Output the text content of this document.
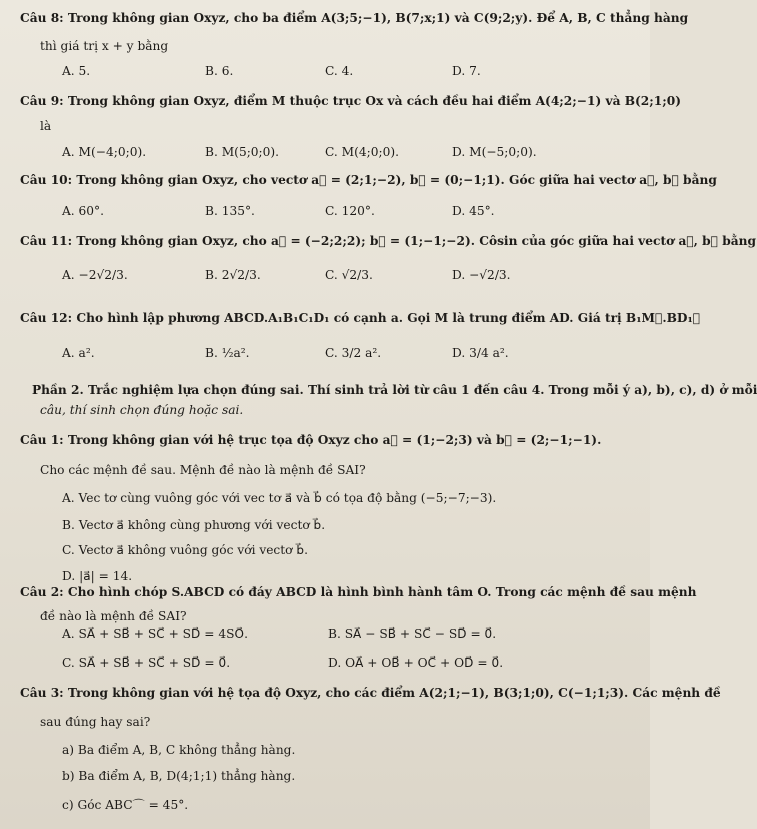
Câu 8: Trong không gian Oxyz, cho ba điểm A(3;5;−1), B(7;x;1) và C(9;2;y). Để A, B, C thẳng hàng
thì giá trị x + y bằng
A. 5.	B. 6.	C. 4.	D. 7.
Câu 9: Trong không gian Oxyz, điểm M thuộc trục Ox và cách đều hai điểm A(4;2;−1) và B(2;1;0)
là
A. M(−4;0;0).	B. M(5;0;0).	C. M(4;0;0).	D. M(−5;0;0).
Câu 10: Trong không gian Oxyz, cho vectơ a⃗ = (2;1;−2), b⃗ = (0;−1;1). Góc giữa hai vectơ a⃗, b⃗ bằng
A. 60°.	B. 135°.	C. 120°.	D. 45°.
Câu 11: Trong không gian Oxyz, cho a⃗ = (−2;2;2); b⃗ = (1;−1;−2). Côsin của góc giữa hai vectơ a⃗, b⃗ bằng
A. −2√2/3.	B. 2√2/3.	C. √2/3.	D. −√2/3.
Câu 12: Cho hình lập phương ABCD.A₁B₁C₁D₁ có cạnh a. Gọi M là trung điểm AD. Giá trị B₁M⃗.BD₁⃗
A. a².	B. ½a².	C. 3/2 a².	D. 3/4 a².
Phần 2. Trắc nghiệm lựa chọn đúng sai. Thí sinh trả lời từ câu 1 đến câu 4. Trong mỗi ý a), b), c), d) ở mỗi
câu, thí sinh chọn đúng hoặc sai.
Câu 1: Trong không gian với hệ trục tọa độ Oxyz cho a⃗ = (1;−2;3) và b⃗ = (2;−1;−1).
Cho các mệnh đề sau. Mệnh đề nào là mệnh đề SAI?
A. Vec tơ cùng vuông góc với vec tơ a⃗ và b⃗ có tọa độ bằng (−5;−7;−3).
B. Vectơ a⃗ không cùng phương với vectơ b⃗.
C. Vectơ a⃗ không vuông góc với vectơ b⃗.
D. |a⃗| = 14.
Câu 2: Cho hình chóp S.ABCD có đáy ABCD là hình bình hành tâm O. Trong các mệnh đề sau mệnh
đề nào là mệnh đề SAI?
A. SA⃗ + SB⃗ + SC⃗ + SD⃗ = 4SO⃗.	B. SA⃗ − SB⃗ + SC⃗ − SD⃗ = 0⃗.
C. SA⃗ + SB⃗ + SC⃗ + SD⃗ = 0⃗.	D. OA⃗ + OB⃗ + OC⃗ + OD⃗ = 0⃗.
Câu 3: Trong không gian với hệ tọa độ Oxyz, cho các điểm A(2;1;−1), B(3;1;0), C(−1;1;3). Các mệnh đề
sau đúng hay sai?
a) Ba điểm A, B, C không thẳng hàng.
b) Ba điểm A, B, D(4;1;1) thẳng hàng.
c) Góc ABC⌒ = 45°.
